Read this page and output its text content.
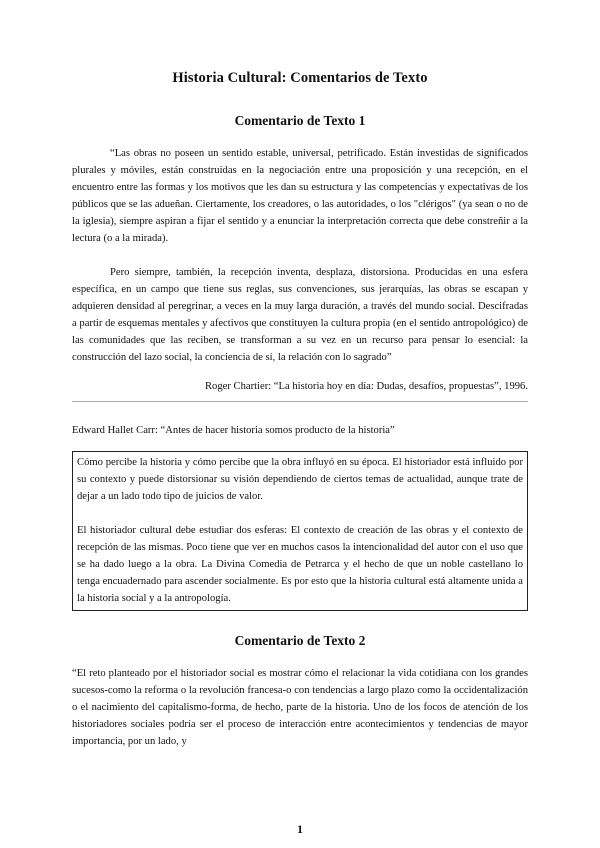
Historia Cultural: Comentarios de Texto
Comentario de Texto 1

“Las obras no poseen un sentido estable, universal, petrificado. Están investidas de significados plurales y móviles, están construidas en la negociación entre una proposición y una recepción, en el encuentro entre las formas y los motivos que les dan su estructura y las competencias y expectativas de los públicos que se las adueñan. Ciertamente, los creadores, o las autoridades, o los "clérigos" (ya sean o no de la iglesia), siempre aspiran a fijar el sentido y a enunciar la interpretación correcta que debe constreñir a la lectura (o a la mirada).

Pero siempre, también, la recepción inventa, desplaza, distorsiona. Producidas en una esfera específica, en un campo que tiene sus reglas, sus convenciones, sus jerarquías, las obras se escapan y adquieren densidad al peregrinar, a veces en la muy larga duración, a través del mundo social. Descifradas a partir de esquemas mentales y afectivos que constituyen la cultura propia (en el sentido antropológico) de las comunidades que las reciben, se transforman a su vez en un recurso para pensar lo esencial: la construcción del lazo social, la conciencia de sí, la relación con lo sagrado”

Roger Chartier: “La historia hoy en día: Dudas, desafíos, propuestas”, 1996.

Edward Hallet Carr: “Antes de hacer historia somos producto de la historia”

Cómo percibe la historia y cómo percibe que la obra influyó en su época. El historiador está influido por su contexto y puede distorsionar su visión dependiendo de ciertos temas de actualidad, aunque trate de dejar a un lado todo tipo de juicios de valor.

El historiador cultural debe estudiar dos esferas: El contexto de creación de las obras y el contexto de recepción de las mismas. Poco tiene que ver en muchos casos la intencionalidad del autor con el uso que se ha dado luego a la obra. La Divina Comedia de Petrarca y el hecho de que un noble castellano lo tenga encuadernado para ascender socialmente. Es por esto que la historia cultural está altamente unida a la historia social y a la antropología.

Comentario de Texto 2

“El reto planteado por el historiador social es mostrar cómo el relacionar la vida cotidiana con los grandes sucesos-como la reforma o la revolución francesa-o con tendencias a largo plazo como la occidentalización o el nacimiento del capitalismo-forma, de hecho, parte de la historia. Uno de los focos de atención de los historiadores sociales podría ser el proceso de interacción entre acontecimientos y tendencias de mayor importancia, por un lado, y

1
